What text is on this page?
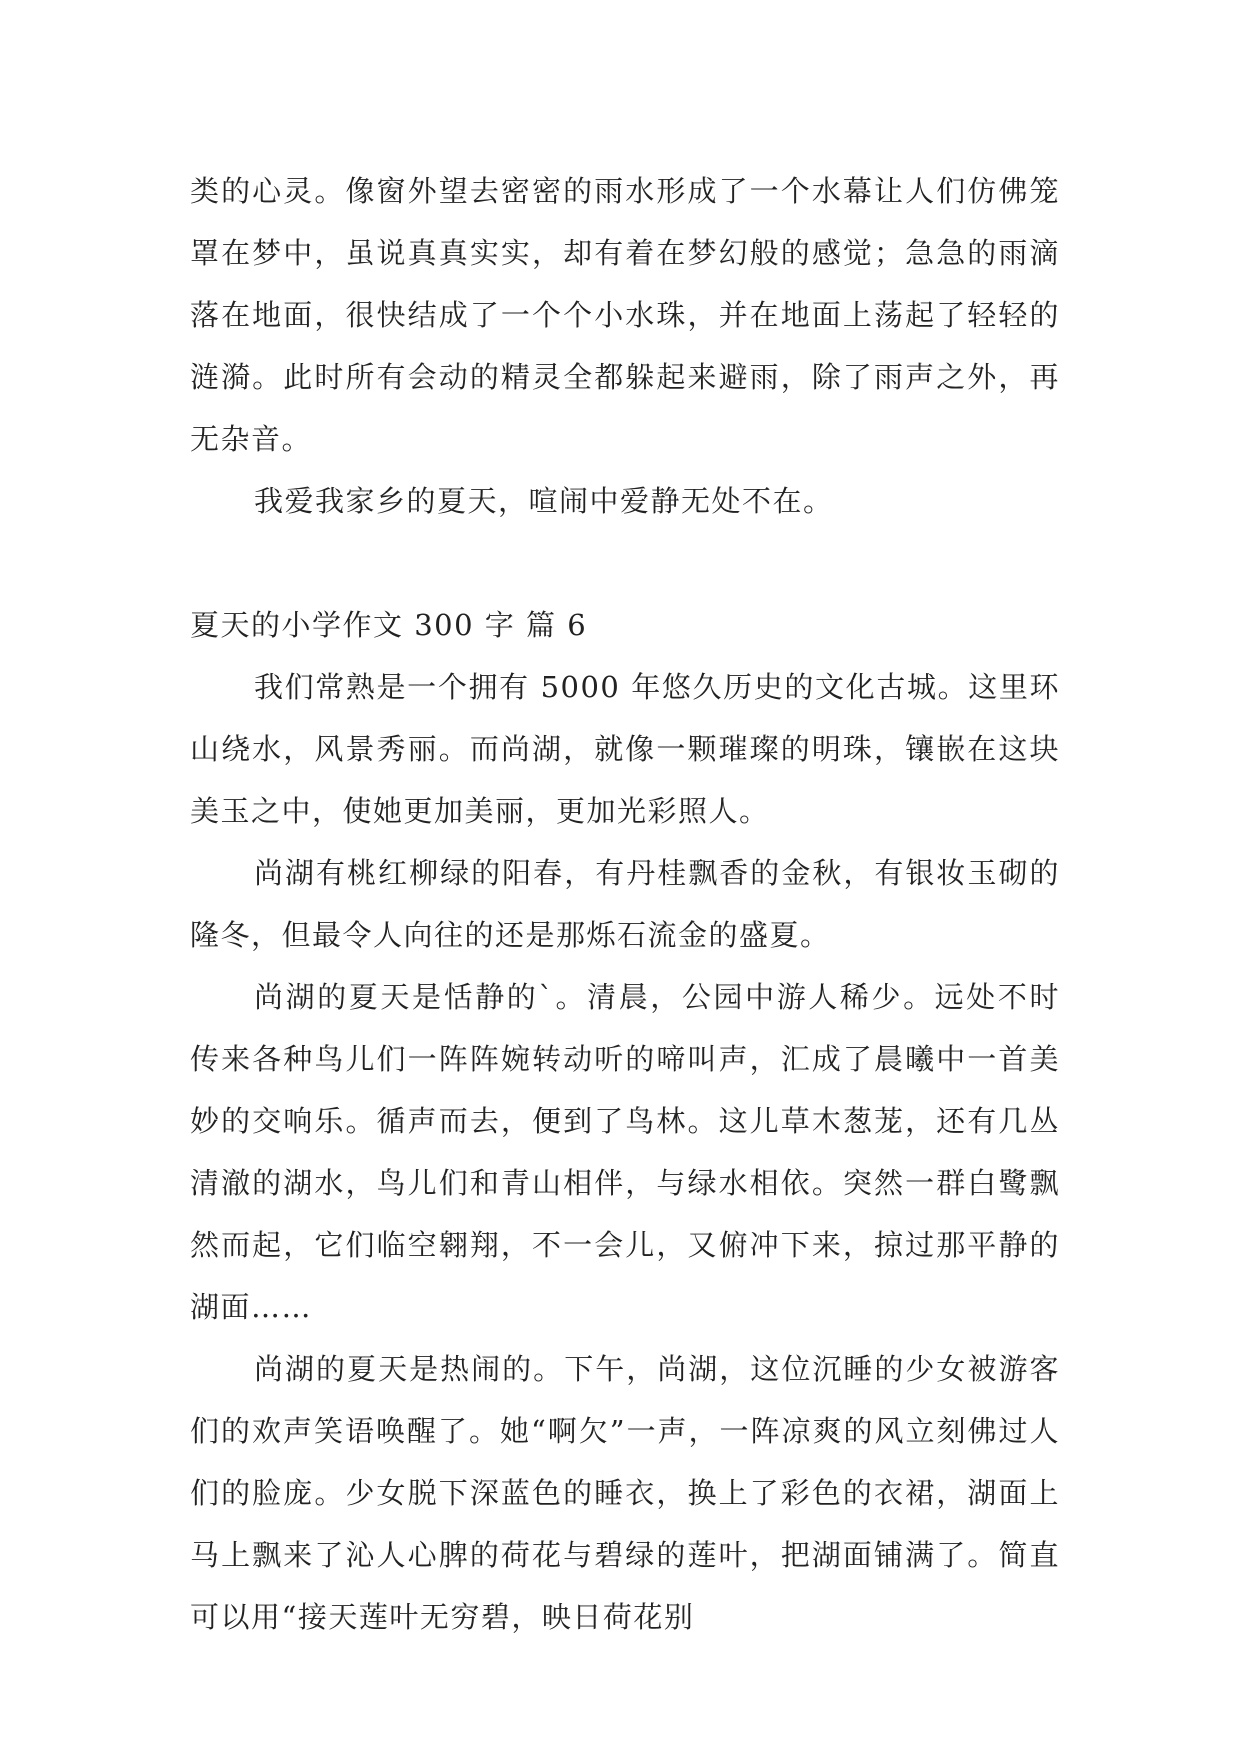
类的心灵。像窗外望去密密的雨水形成了一个水幕让人们仿佛笼罩在梦中，虽说真真实实，却有着在梦幻般的感觉；急急的雨滴落在地面，很快结成了一个个小水珠，并在地面上荡起了轻轻的涟漪。此时所有会动的精灵全都躲起来避雨，除了雨声之外，再无杂音。

我爱我家乡的夏天，喧闹中爱静无处不在。

夏天的小学作文 300 字 篇 6

我们常熟是一个拥有 5000 年悠久历史的文化古城。这里环山绕水，风景秀丽。而尚湖，就像一颗璀璨的明珠，镶嵌在这块美玉之中，使她更加美丽，更加光彩照人。

尚湖有桃红柳绿的阳春，有丹桂飘香的金秋，有银妆玉砌的隆冬，但最令人向往的还是那烁石流金的盛夏。

尚湖的夏天是恬静的`。清晨，公园中游人稀少。远处不时传来各种鸟儿们一阵阵婉转动听的啼叫声，汇成了晨曦中一首美妙的交响乐。循声而去，便到了鸟林。这儿草木葱茏，还有几丛清澈的湖水，鸟儿们和青山相伴，与绿水相依。突然一群白鹭飘然而起，它们临空翱翔，不一会儿，又俯冲下来，掠过那平静的湖面……

尚湖的夏天是热闹的。下午，尚湖，这位沉睡的少女被游客们的欢声笑语唤醒了。她“啊欠”一声，一阵凉爽的风立刻佛过人们的脸庞。少女脱下深蓝色的睡衣，换上了彩色的衣裙，湖面上马上飘来了沁人心脾的荷花与碧绿的莲叶，把湖面铺满了。简直可以用“接天莲叶无穷碧，映日荷花别
